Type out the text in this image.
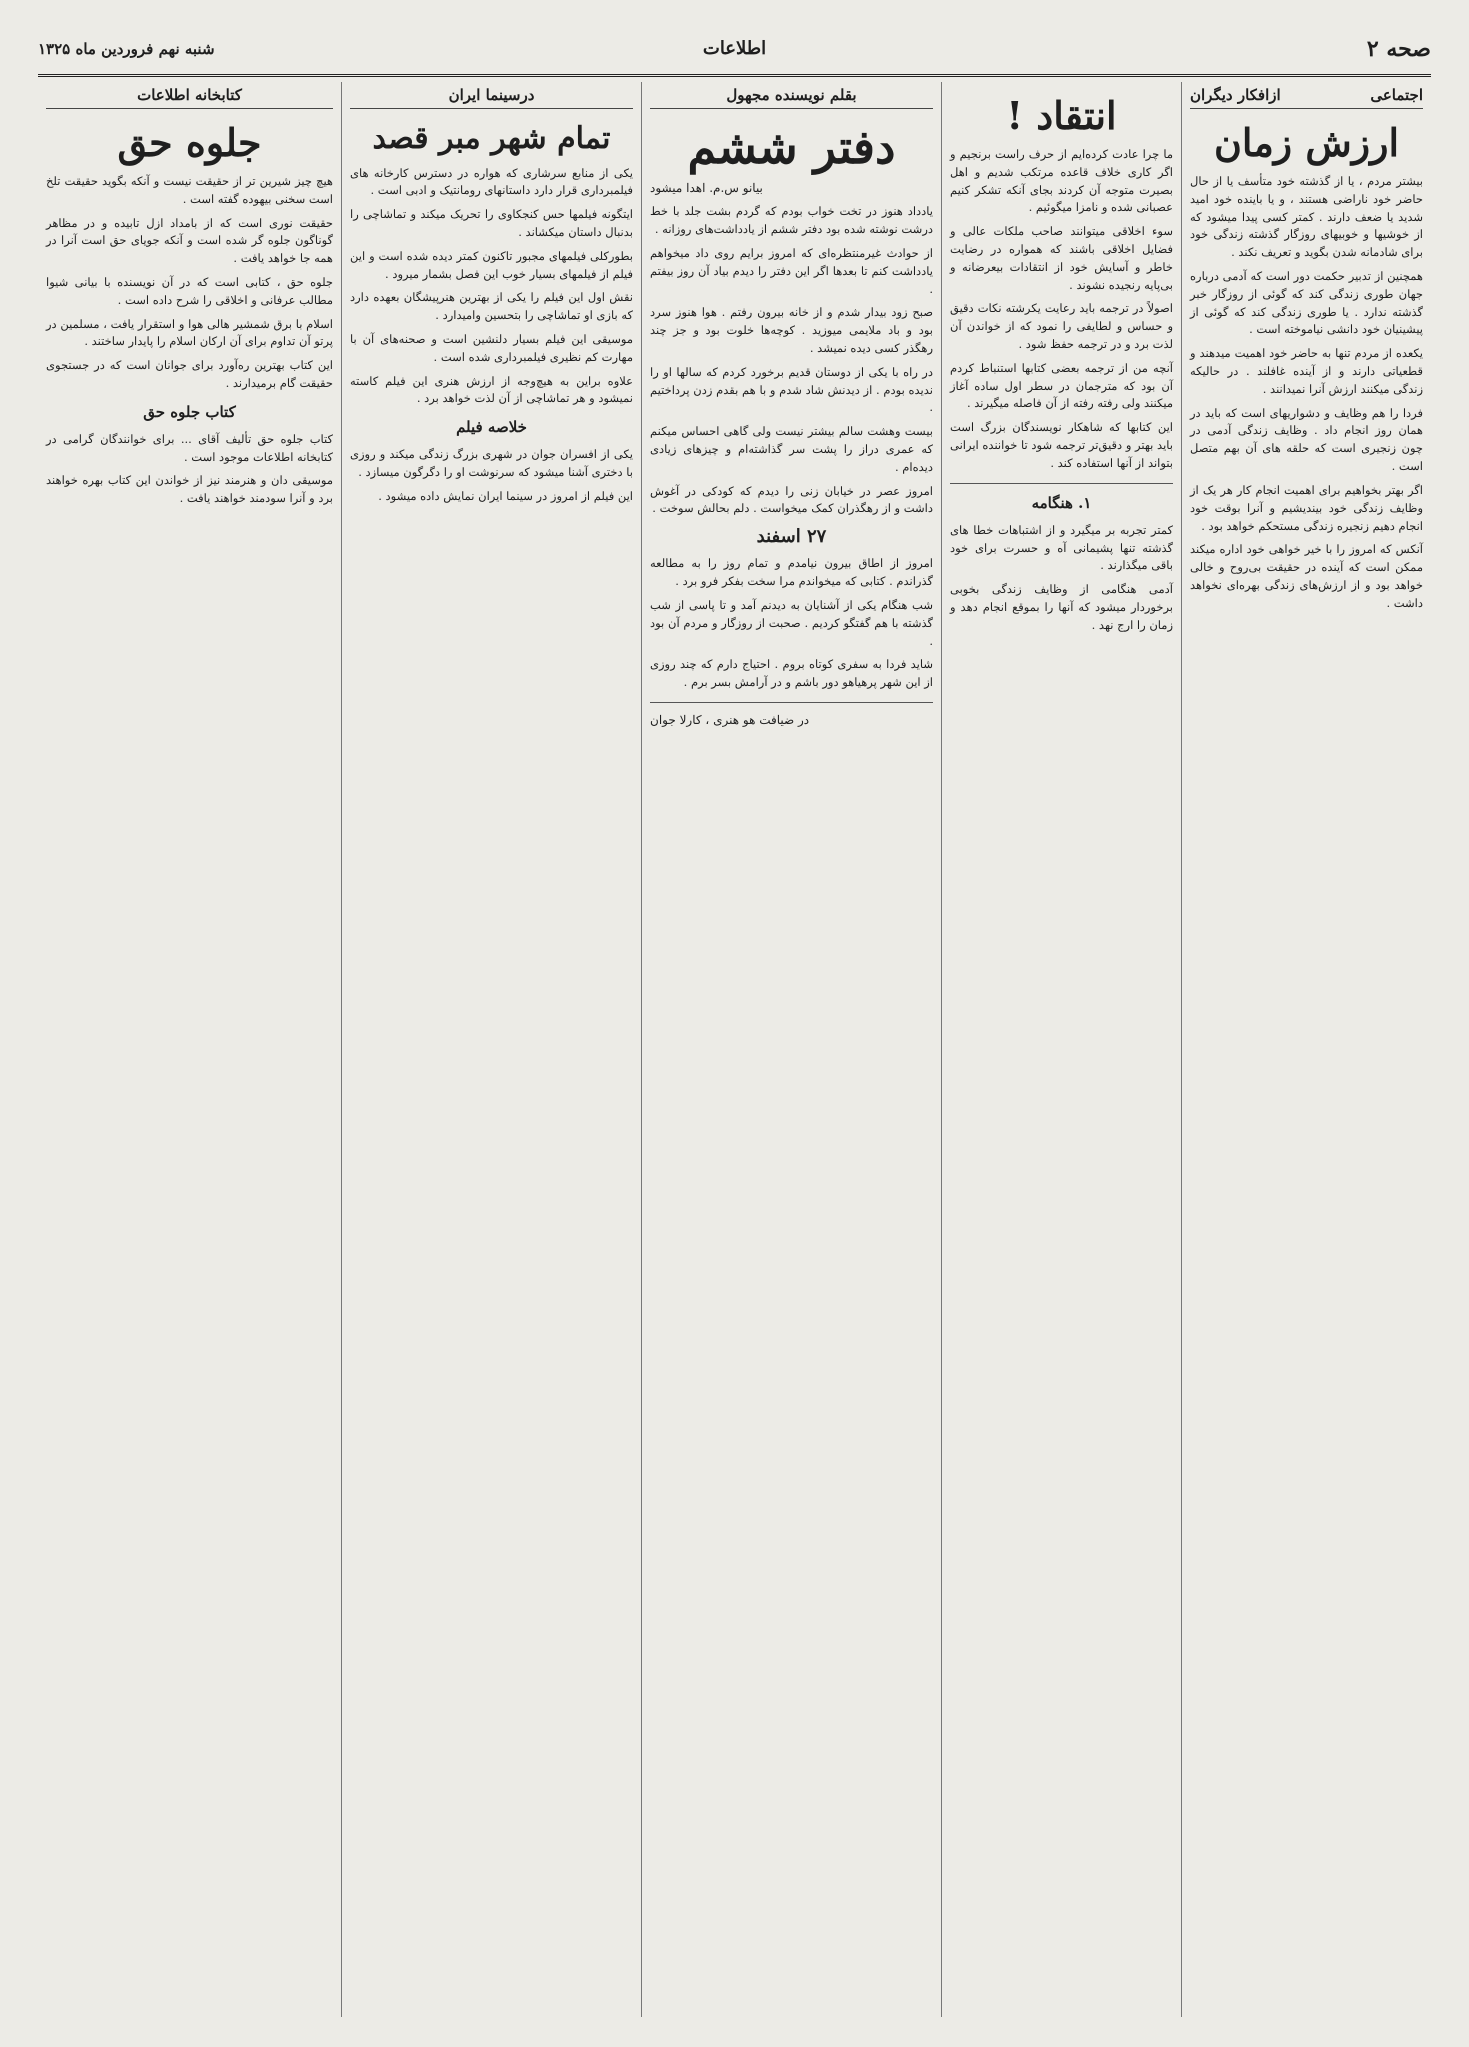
صحه ۲
اطلاعات
شنبه نهم فروردین ماه ۱۳۲۵
اجتماعی
ازافکار دیگران
ارزش زمان
بیشتر مردم ، یا از گذشته خود متأسف یا از حال حاضر خود ناراضی هستند ، و یا باینده خود امید شدید یا ضعف دارند . کمتر کسی پیدا میشود که از خوشیها و خوبیهای روزگار گذشته زندگی خود برای شادمانه شدن بگوید و تعریف نکند .
همچنین از تدبیر حکمت دور است که آدمی درباره جهان طوری زندگی کند که گوئی از روزگار خبر گذشته ندارد . یا طوری زندگی کند که گوئی از پیشینیان خود دانشی نیاموخته است .
یکعده از مردم تنها به حاضر خود اهمیت میدهند و قطعیاتی دارند و از آینده غافلند . در حالیکه زندگی میکنند ارزش آنرا نمیدانند .
فردا را هم وظایف و دشواریهای است که باید در همان روز انجام داد . وظایف زندگی آدمی در چون زنجیری است که حلقه های آن بهم متصل است .
اگر بهتر بخواهیم برای اهمیت انجام کار هر یک از وظایف زندگی خود بیندیشیم و آنرا بوقت خود انجام دهیم زنجیره زندگی مستحکم خواهد بود .
آنکس که امروز را با خیر خواهی خود اداره میکند ممکن است که آینده در حقیقت بی‌روح و خالی خواهد بود و از ارزش‌های زندگی بهره‌ای نخواهد داشت .
انتقاد !
ما چرا عادت کرده‌ایم از حرف راست برنجیم و اگر کاری خلاف قاعده مرتکب شدیم و اهل بصیرت متوجه آن کردند بجای آنکه تشکر کنیم عصبانی شده و نامزا میگوئیم .
سوء اخلاقی میتوانند صاحب ملکات عالی و فضایل اخلاقی باشند که همواره در رضایت خاطر و آسایش خود از انتقادات بیعرضانه و بی‌پایه رنجیده نشوند .
اصولاً در ترجمه باید رعایت یکرشته نکات دقیق و حساس و لطایفی را نمود که از خواندن آن لذت برد و در ترجمه حفظ شود .
آنچه من از ترجمه بعضی کتابها استنباط کردم آن بود که مترجمان در سطر اول ساده آغاز میکنند ولی رفته رفته از آن فاصله میگیرند .
این کتابها که شاهکار نویسندگان بزرگ است باید بهتر و دقیق‌تر ترجمه شود تا خواننده ایرانی بتواند از آنها استفاده کند .
۱. هنگامه
کمتر تجربه بر میگیرد و از اشتباهات خطا های گذشته تنها پشیمانی آه و حسرت برای خود باقی میگذارند .
آدمی هنگامی از وظایف زندگی بخوبی برخوردار میشود که آنها را بموقع انجام دهد و زمان را ارج نهد .
بقلم نویسنده مجهول
دفتر ششم
بیانو س.م. اهدا میشود
یادداد هنوز در تخت خواب بودم که گردم بشت جلد با خط درشت نوشته شده بود دفتر ششم از یادداشت‌های روزانه .
از حوادث غیرمنتظره‌ای که امروز برایم روی داد میخواهم یادداشت کنم تا بعدها اگر این دفتر را دیدم بیاد آن روز بیفتم .
صبح زود بیدار شدم و از خانه بیرون رفتم . هوا هنوز سرد بود و باد ملایمی میوزید . کوچه‌ها خلوت بود و جز چند رهگذر کسی دیده نمیشد .
در راه با یکی از دوستان قدیم برخورد کردم که سالها او را ندیده بودم . از دیدنش شاد شدم و با هم بقدم زدن پرداختیم .
بیست وهشت سالم بیشتر نیست ولی گاهی احساس میکنم که عمری دراز را پشت سر گذاشته‌ام و چیزهای زیادی دیده‌ام .
امروز عصر در خیابان زنی را دیدم که کودکی در آغوش داشت و از رهگذران کمک میخواست . دلم بحالش سوخت .
۲۷ اسفند
امروز از اطاق بیرون نیامدم و تمام روز را به مطالعه گذراندم . کتابی که میخواندم مرا سخت بفکر فرو برد .
شب هنگام یکی از آشنایان به دیدنم آمد و تا پاسی از شب گذشته با هم گفتگو کردیم . صحبت از روزگار و مردم آن بود .
شاید فردا به سفری کوتاه بروم . احتیاج دارم که چند روزی از این شهر پرهیاهو دور باشم و در آرامش بسر برم .
در ضیافت هو هنری ، کارلا جوان
درسینما ایران
تمام شهر مبر قصد
یکی از منابع سرشاری که هواره در دسترس کارخانه های فیلمبرداری قرار دارد داستانهای رومانتیک و ادبی است .
ایتگونه فیلمها حس کنجکاوی را تحریک میکند و تماشاچی را بدنبال داستان میکشاند .
بطورکلی فیلمهای مجبور تاکنون کمتر دیده شده است و این فیلم از فیلمهای بسیار خوب این فصل بشمار میرود .
نقش اول این فیلم را یکی از بهترین هنرپیشگان بعهده دارد که بازی او تماشاچی را بتحسین وامیدارد .
موسیقی این فیلم بسیار دلنشین است و صحنه‌های آن با مهارت کم نظیری فیلمبرداری شده است .
علاوه براین به هیچ‌وجه از ارزش هنری این فیلم کاسته نمیشود و هر تماشاچی از آن لذت خواهد برد .
خلاصه فیلم
یکی از افسران جوان در شهری بزرگ زندگی میکند و روزی با دختری آشنا میشود که سرنوشت او را دگرگون میسازد .
این فیلم از امروز در سینما ایران نمایش داده میشود .
کتابخانه اطلاعات
جلوه حق
هیچ چیز شیرین تر از حقیقت نیست و آنکه بگوید حقیقت تلخ است سخنی بیهوده گفته است .
حقیقت نوری است که از بامداد ازل تابیده و در مظاهر گوناگون جلوه گر شده است و آنکه جویای حق است آنرا در همه جا خواهد یافت .
جلوه حق ، کتابی است که در آن نویسنده با بیانی شیوا مطالب عرفانی و اخلاقی را شرح داده است .
اسلام با برق شمشیر هالی هوا و استقرار یافت ، مسلمین در پرتو آن تداوم برای آن ارکان اسلام را پایدار ساختند .
این کتاب بهترین ره‌آورد برای جوانان است که در جستجوی حقیقت گام برمیدارند .
کتاب جلوه حق
کتاب جلوه حق تألیف آقای ... برای خوانندگان گرامی در کتابخانه اطلاعات موجود است .
موسیقی دان و هنرمند نیز از خواندن این کتاب بهره خواهند برد و آنرا سودمند خواهند یافت .
